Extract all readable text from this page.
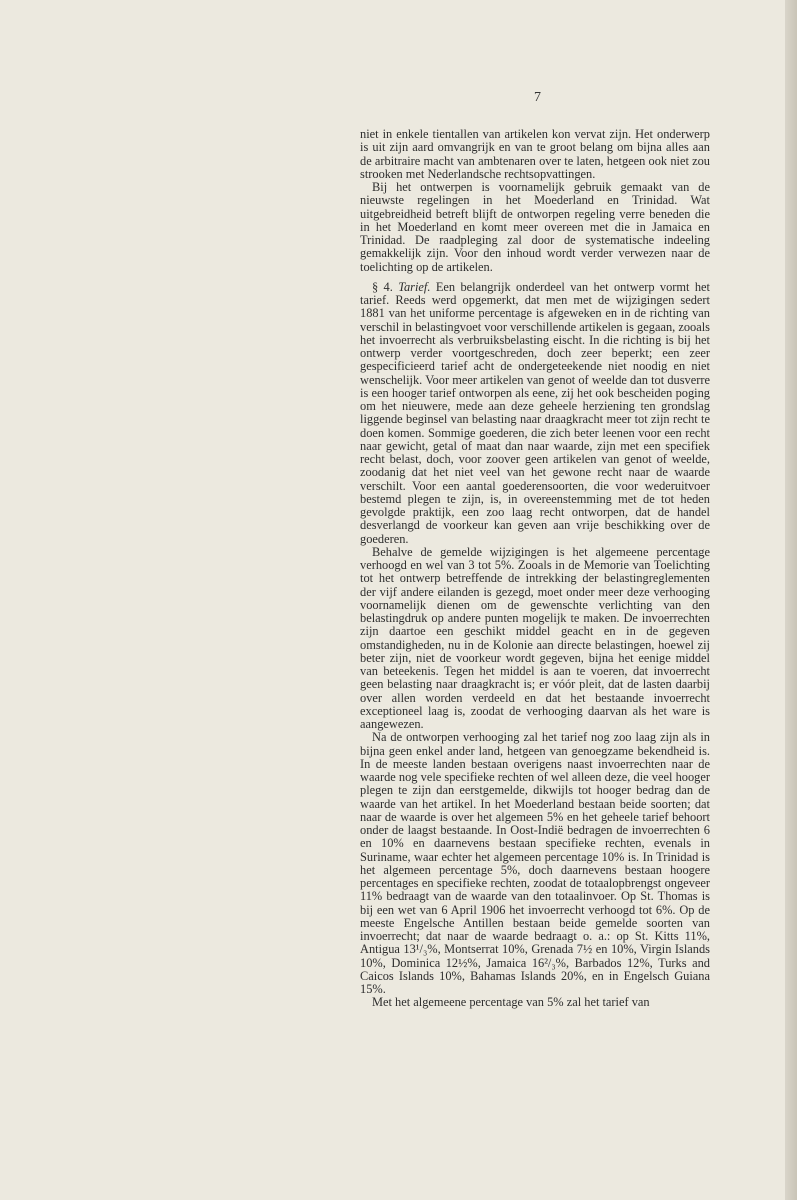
7

niet in enkele tientallen van artikelen kon vervat zijn. Het onderwerp is uit zijn aard omvangrijk en van te groot belang om bijna alles aan de arbitraire macht van ambtenaren over te laten, hetgeen ook niet zou strooken met Nederlandsche rechtsopvattingen.

Bij het ontwerpen is voornamelijk gebruik gemaakt van de nieuwste regelingen in het Moederland en Trinidad. Wat uitgebreidheid betreft blijft de ontworpen regeling verre beneden die in het Moederland en komt meer overeen met die in Jamaica en Trinidad. De raadpleging zal door de systematische indeeling gemakkelijk zijn. Voor den inhoud wordt verder verwezen naar de toelichting op de artikelen.

§ 4. Tarief. Een belangrijk onderdeel van het ontwerp vormt het tarief. Reeds werd opgemerkt, dat men met de wijzigingen sedert 1881 van het uniforme percentage is afgeweken en in de richting van verschil in belastingvoet voor verschillende artikelen is gegaan, zooals het invoerrecht als verbruiksbelasting eischt. In die richting is bij het ontwerp verder voortgeschreden, doch zeer beperkt; een zeer gespecificieerd tarief acht de ondergeteekende niet noodig en niet wenschelijk. Voor meer artikelen van genot of weelde dan tot dusverre is een hooger tarief ontworpen als eene, zij het ook bescheiden poging om het nieuwere, mede aan deze geheele herziening ten grondslag liggende beginsel van belasting naar draagkracht meer tot zijn recht te doen komen. Sommige goederen, die zich beter leenen voor een recht naar gewicht, getal of maat dan naar waarde, zijn met een specifiek recht belast, doch, voor zoover geen artikelen van genot of weelde, zoodanig dat het niet veel van het gewone recht naar de waarde verschilt. Voor een aantal goederensoorten, die voor wederuitvoer bestemd plegen te zijn, is, in overeenstemming met de tot heden gevolgde praktijk, een zoo laag recht ontworpen, dat de handel desverlangd de voorkeur kan geven aan vrije beschikking over de goederen.

Behalve de gemelde wijzigingen is het algemeene percentage verhoogd en wel van 3 tot 5%. Zooals in de Memorie van Toelichting tot het ontwerp betreffende de intrekking der belastingreglementen der vijf andere eilanden is gezegd, moet onder meer deze verhooging voornamelijk dienen om de gewenschte verlichting van den belastingdruk op andere punten mogelijk te maken. De invoerrechten zijn daartoe een geschikt middel geacht en in de gegeven omstandigheden, nu in de Kolonie aan directe belastingen, hoewel zij beter zijn, niet de voorkeur wordt gegeven, bijna het eenige middel van beteekenis. Tegen het middel is aan te voeren, dat invoerrecht geen belasting naar draagkracht is; er vóór pleit, dat de lasten daarbij over allen worden verdeeld en dat het bestaande invoerrecht exceptioneel laag is, zoodat de verhooging daarvan als het ware is aangewezen.

Na de ontworpen verhooging zal het tarief nog zoo laag zijn als in bijna geen enkel ander land, hetgeen van genoegzame bekendheid is. In de meeste landen bestaan overigens naast invoerrechten naar de waarde nog vele specifieke rechten of wel alleen deze, die veel hooger plegen te zijn dan eerstgemelde, dikwijls tot hooger bedrag dan de waarde van het artikel. In het Moederland bestaan beide soorten; dat naar de waarde is over het algemeen 5% en het geheele tarief behoort onder de laagst bestaande. In Oost-Indië bedragen de invoerrechten 6 en 10% en daarnevens bestaan specifieke rechten, evenals in Suriname, waar echter het algemeen percentage 10% is. In Trinidad is het algemeen percentage 5%, doch daarnevens bestaan hoogere percentages en specifieke rechten, zoodat de totaalopbrengst ongeveer 11% bedraagt van de waarde van den totaalinvoer. Op St. Thomas is bij een wet van 6 April 1906 het invoerrecht verhoogd tot 6%. Op de meeste Engelsche Antillen bestaan beide gemelde soorten van invoerrecht; dat naar de waarde bedraagt o. a.: op St. Kitts 11%, Antigua 13¹/₃%, Montserrat 10%, Grenada 7½ en 10%, Virgin Islands 10%, Dominica 12½%, Jamaica 16²/₃%, Barbados 12%, Turks and Caicos Islands 10%, Bahamas Islands 20%, en in Engelsch Guiana 15%.

Met het algemeene percentage van 5% zal het tarief van
